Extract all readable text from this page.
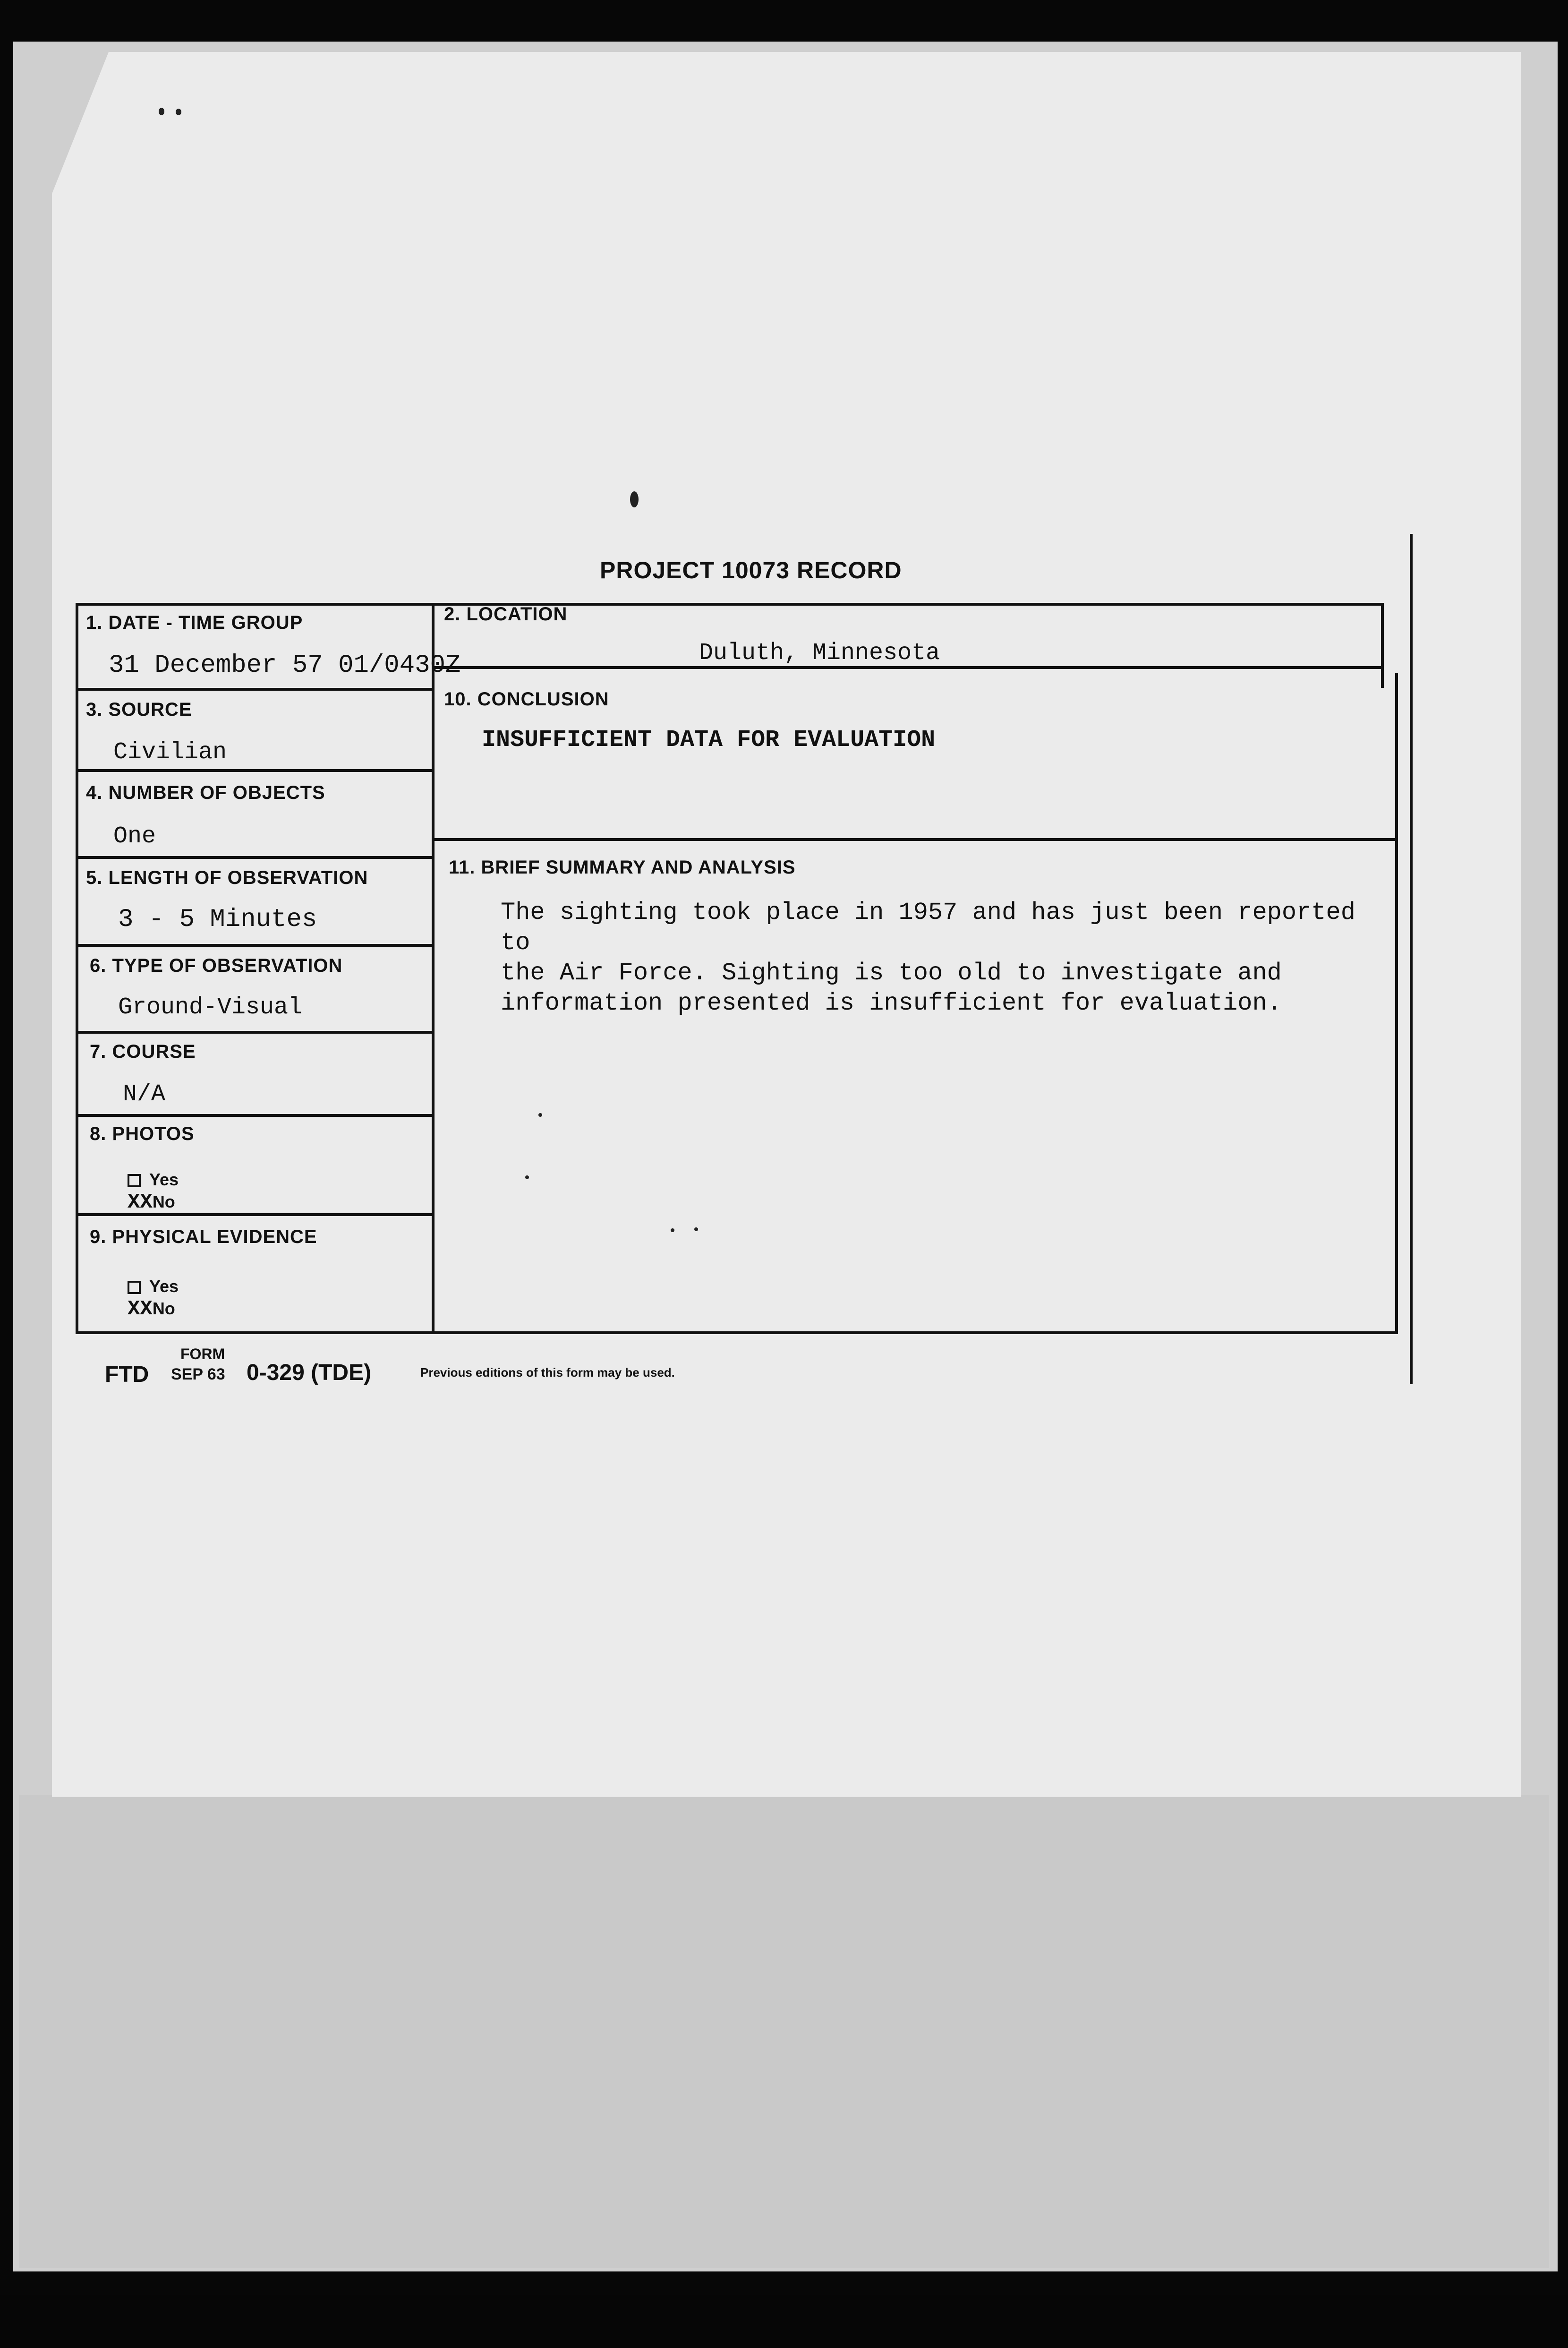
PROJECT 10073 RECORD
1. DATE - TIME GROUP
31 December 57 01/0430Z
2. LOCATION
Duluth, Minnesota
3. SOURCE
Civilian
4. NUMBER OF OBJECTS
One
5. LENGTH OF OBSERVATION
3 - 5 Minutes
6. TYPE OF OBSERVATION
Ground-Visual
7. COURSE
N/A
8. PHOTOS
Yes
XXNo
9. PHYSICAL EVIDENCE
Yes
XXNo
10. CONCLUSION
INSUFFICIENT DATA FOR EVALUATION
11. BRIEF SUMMARY AND ANALYSIS
The sighting took place in 1957 and has just been reported to
the Air Force. Sighting is too old to investigate and
information presented is insufficient for evaluation.
FORM
FTD SEP 63 0-329 (TDE)	Previous editions of this form may be used.
